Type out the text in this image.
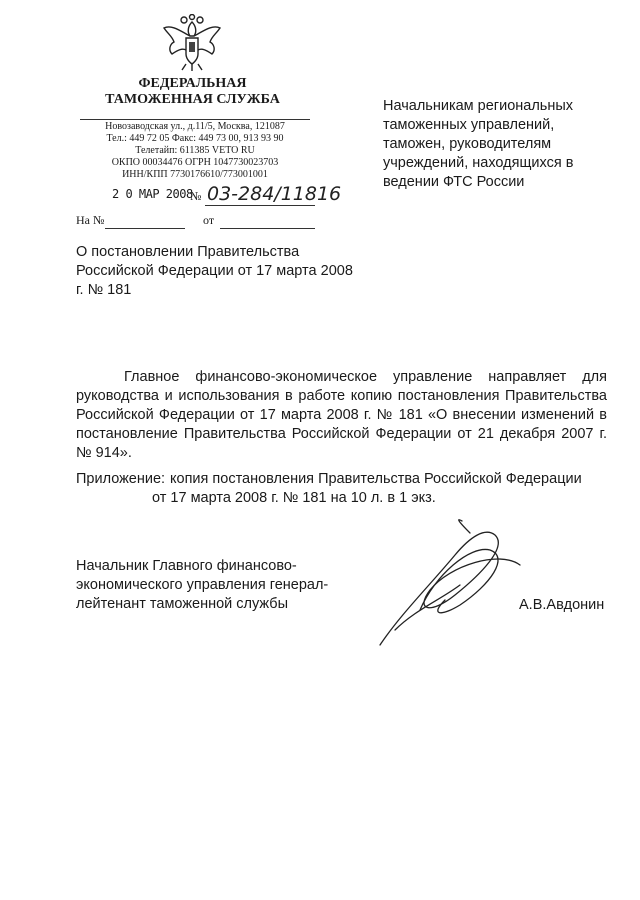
ФЕДЕРАЛЬНАЯ
ТАМОЖЕННАЯ СЛУЖБА
Новозаводская ул., д.11/5, Москва, 121087
Тел.: 449 72 05 Факс: 449 73 00, 913 93 90
Телетайп: 611385 VETO RU
ОКПО 00034476 ОГРН 1047730023703
ИНН/КПП 7730176610/773001001
2 0 МАР 2008
№ 03-284/11816
На №	от
О постановлении Правительства Российской Федерации от 17 марта 2008 г. № 181
Начальникам региональных таможенных управлений, таможен, руководителям учреждений, находящихся в ведении ФТС России
Главное финансово-экономическое управление направляет для руководства и использования в работе копию постановления Правительства Российской Федерации от 17 марта 2008 г. № 181 «О внесении изменений в постановление Правительства Российской Федерации от 21 декабря 2007 г. № 914».
Приложение: копия постановления Правительства Российской Федерации
от 17 марта 2008 г. № 181 на 10 л. в 1 экз.
Начальник Главного финансово-экономического управления генерал-лейтенант таможенной службы	А.В.Авдонин
